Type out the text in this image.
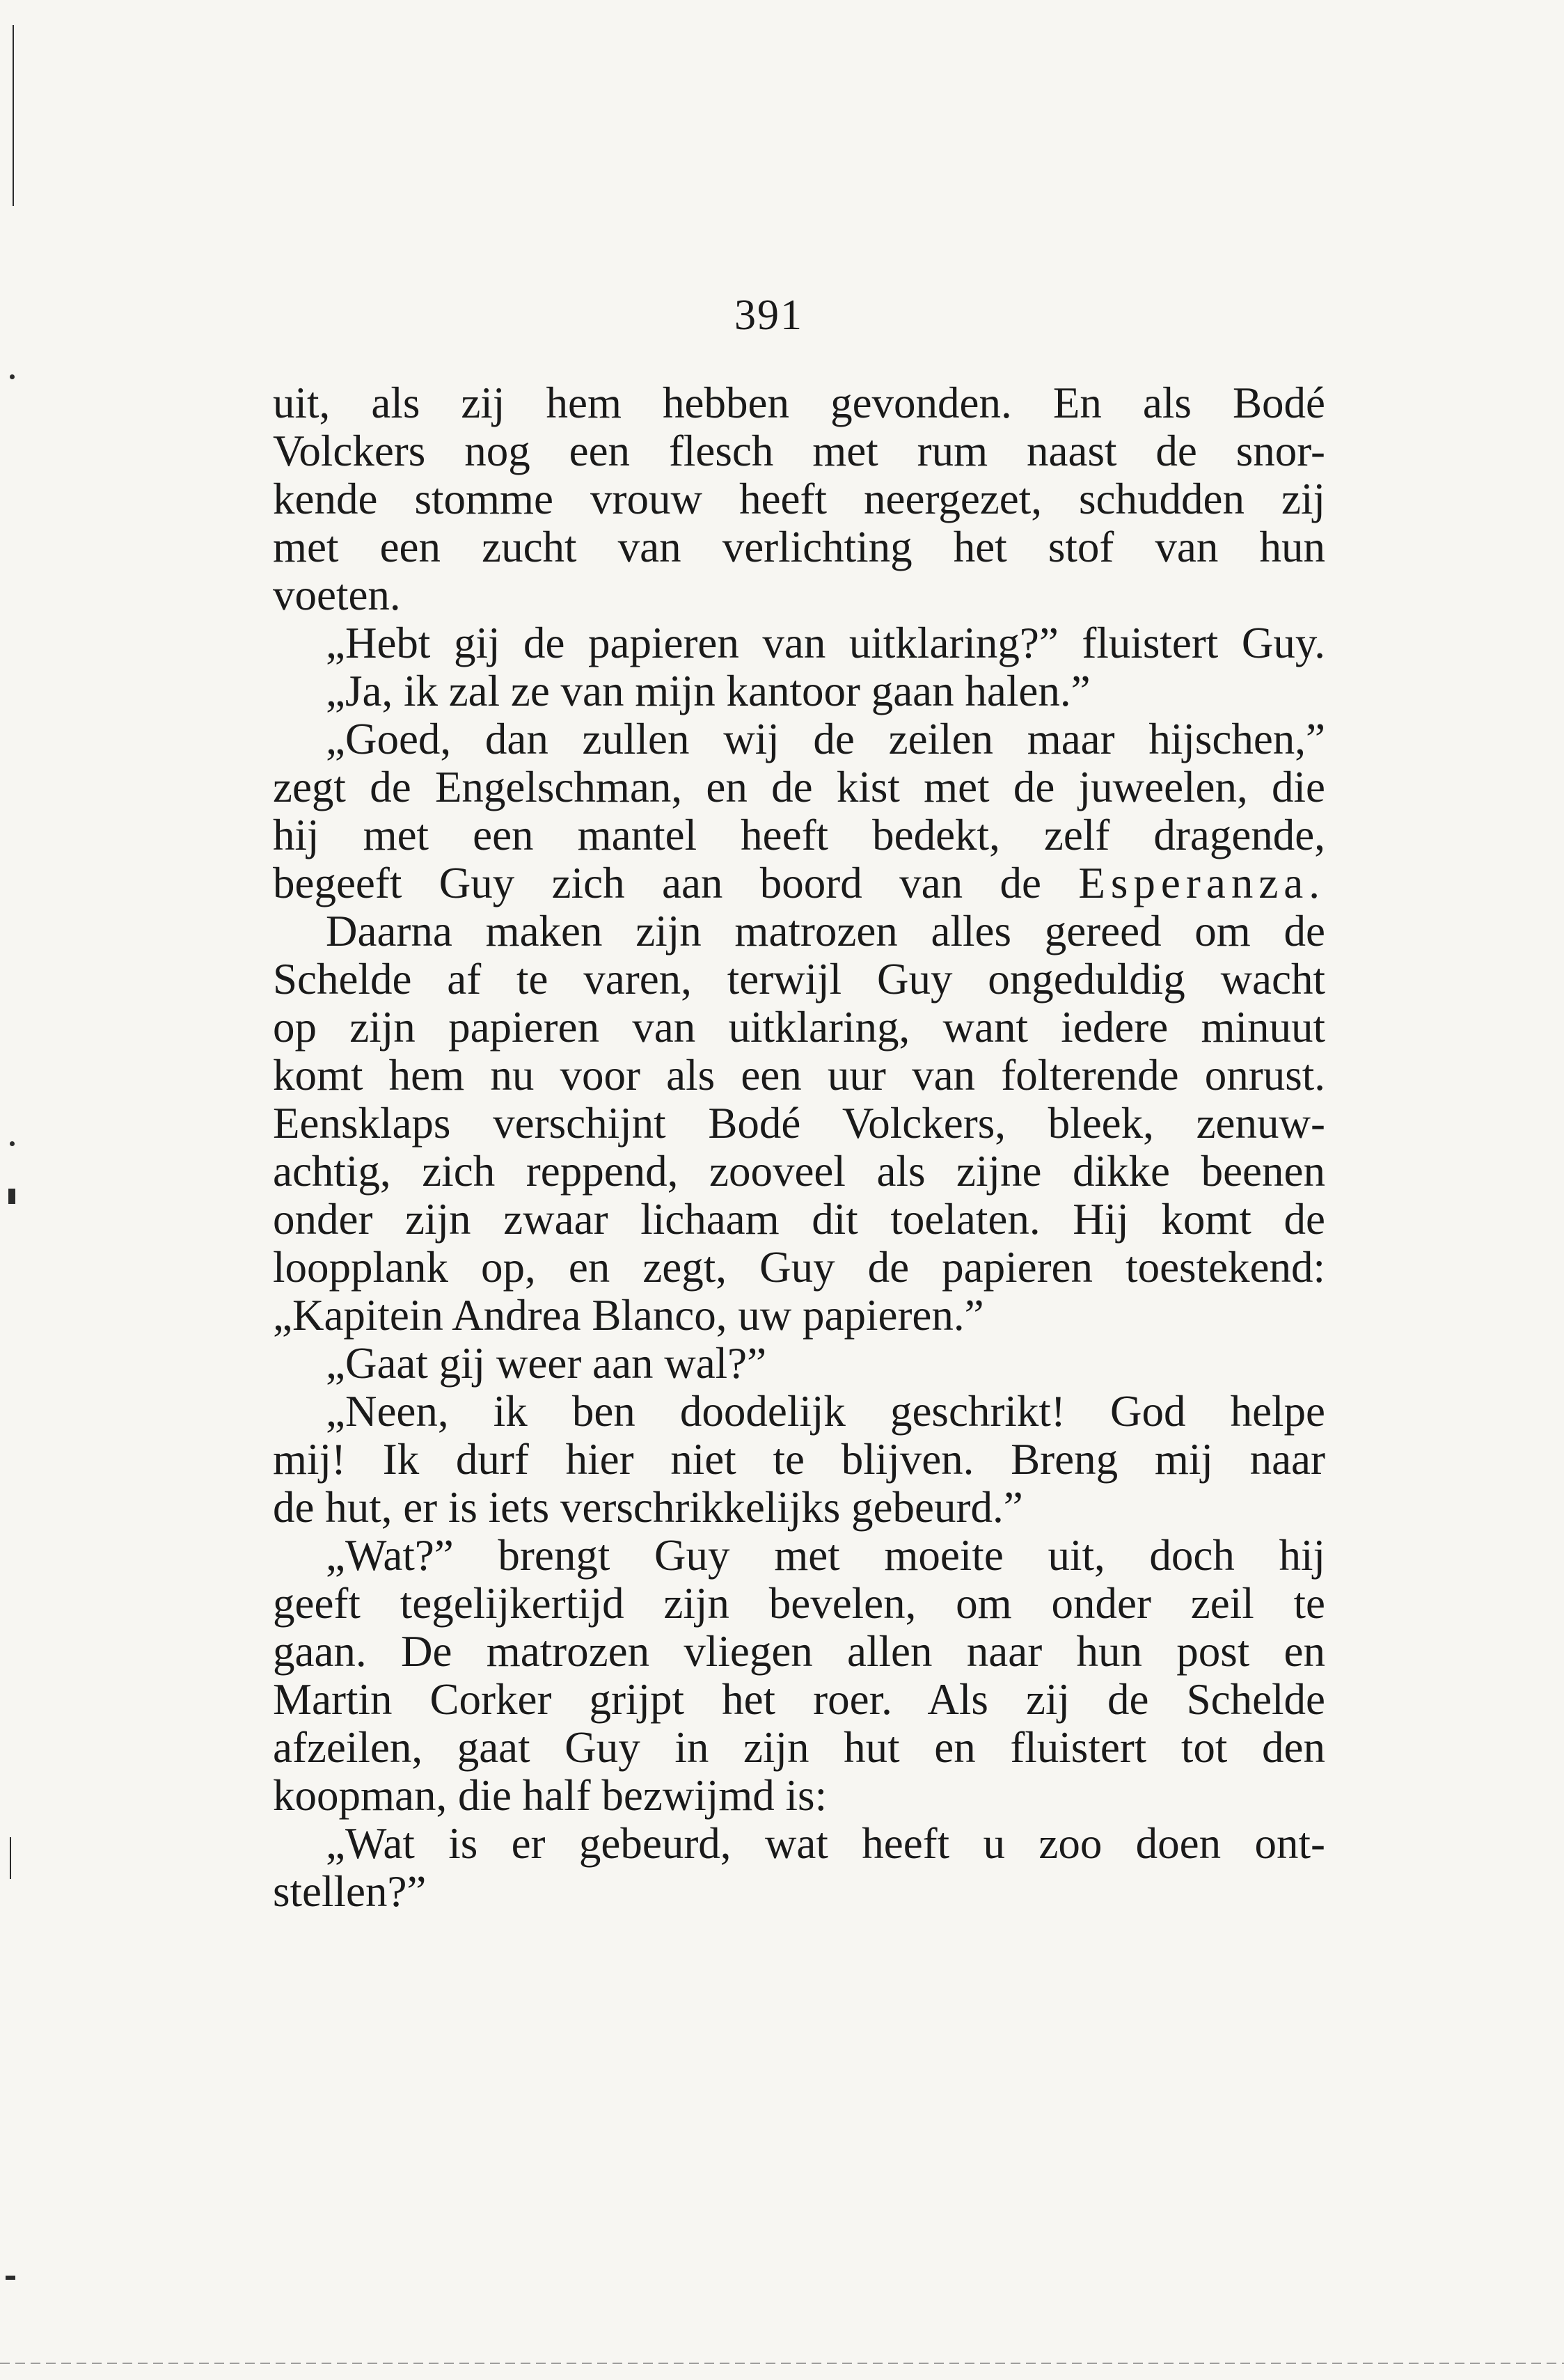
391
uit, als zij hem hebben gevonden. En als Bodé
Volckers nog een flesch met rum naast de snor-
kende stomme vrouw heeft neergezet, schudden zij
met een zucht van verlichting het stof van hun
voeten.
„Hebt gij de papieren van uitklaring?” fluistert Guy.
„Ja, ik zal ze van mijn kantoor gaan halen.”
„Goed, dan zullen wij de zeilen maar hijschen,”
zegt de Engelschman, en de kist met de juweelen, die
hij met een mantel heeft bedekt, zelf dragende,
begeeft Guy zich aan boord van de Esperanza.
Daarna maken zijn matrozen alles gereed om de
Schelde af te varen, terwijl Guy ongeduldig wacht
op zijn papieren van uitklaring, want iedere minuut
komt hem nu voor als een uur van folterende onrust.
Eensklaps verschijnt Bodé Volckers, bleek, zenuw-
achtig, zich reppend, zooveel als zijne dikke beenen
onder zijn zwaar lichaam dit toelaten. Hij komt de
loopplank op, en zegt, Guy de papieren toestekend:
„Kapitein Andrea Blanco, uw papieren.”
„Gaat gij weer aan wal?”
„Neen, ik ben doodelijk geschrikt! God helpe
mij! Ik durf hier niet te blijven. Breng mij naar
de hut, er is iets verschrikkelijks gebeurd.”
„Wat?” brengt Guy met moeite uit, doch hij
geeft tegelijkertijd zijn bevelen, om onder zeil te
gaan. De matrozen vliegen allen naar hun post en
Martin Corker grijpt het roer. Als zij de Schelde
afzeilen, gaat Guy in zijn hut en fluistert tot den
koopman, die half bezwijmd is:
„Wat is er gebeurd, wat heeft u zoo doen ont-
stellen?”
